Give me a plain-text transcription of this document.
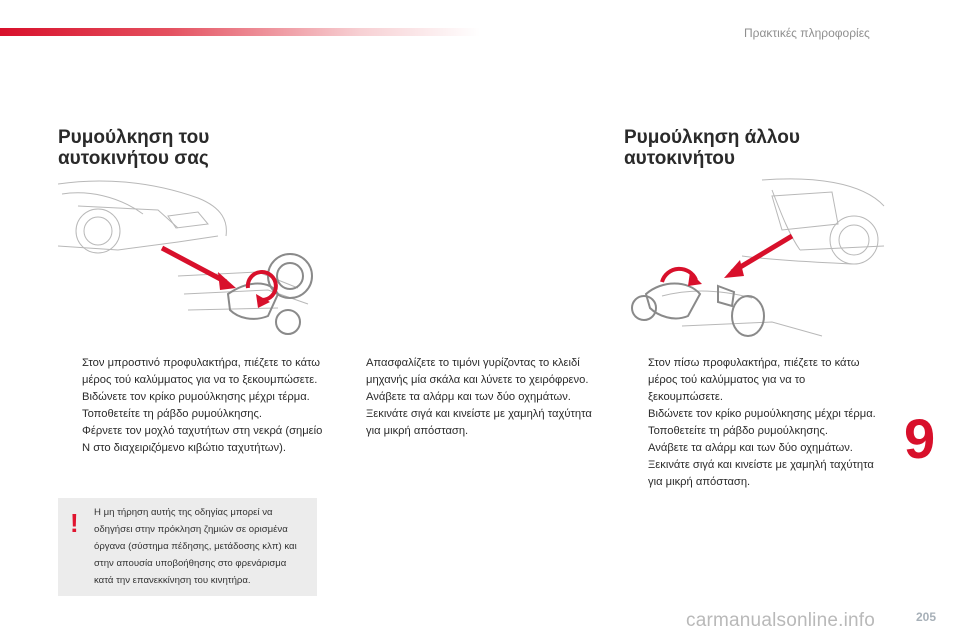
Πρακτικές πληροφορίες
Ρυμούλκηση του
αυτοκινήτου σας
Ρυμούλκηση άλλου
αυτοκινήτου
Στον μπροστινό προφυλακτήρα, πιέζετε το κάτω μέρος τού καλύμματος για να το ξεκουμπώσετε.
Βιδώνετε τον κρίκο ρυμούλκησης μέχρι τέρμα.
Τοποθετείτε τη ράβδο ρυμούλκησης.
Φέρνετε τον μοχλό ταχυτήτων στη νεκρά (σημείο N στο διαχειριζόμενο κιβώτιο ταχυτήτων).
Απασφαλίζετε το τιμόνι γυρίζοντας το κλειδί μηχανής μία σκάλα και λύνετε το χειρόφρενο.
Ανάβετε τα αλάρμ και των δύο οχημάτων.
Ξεκινάτε σιγά και κινείστε με χαμηλή ταχύτητα για μικρή απόσταση.
Στον πίσω προφυλακτήρα, πιέζετε το κάτω μέρος τού καλύμματος για να το ξεκουμπώσετε.
Βιδώνετε τον κρίκο ρυμούλκησης μέχρι τέρμα.
Τοποθετείτε τη ράβδο ρυμούλκησης.
Ανάβετε τα αλάρμ και των δύο οχημάτων.
Ξεκινάτε σιγά και κινείστε με χαμηλή ταχύτητα για μικρή απόσταση.
! Η μη τήρηση αυτής της οδηγίας μπορεί να οδηγήσει στην πρόκληση ζημιών σε ορισμένα όργανα (σύστημα πέδησης, μετάδοσης κλπ) και στην απουσία υποβοήθησης στο φρενάρισμα κατά την επανεκκίνηση του κινητήρα.
9
carmanualsonline.info	205
